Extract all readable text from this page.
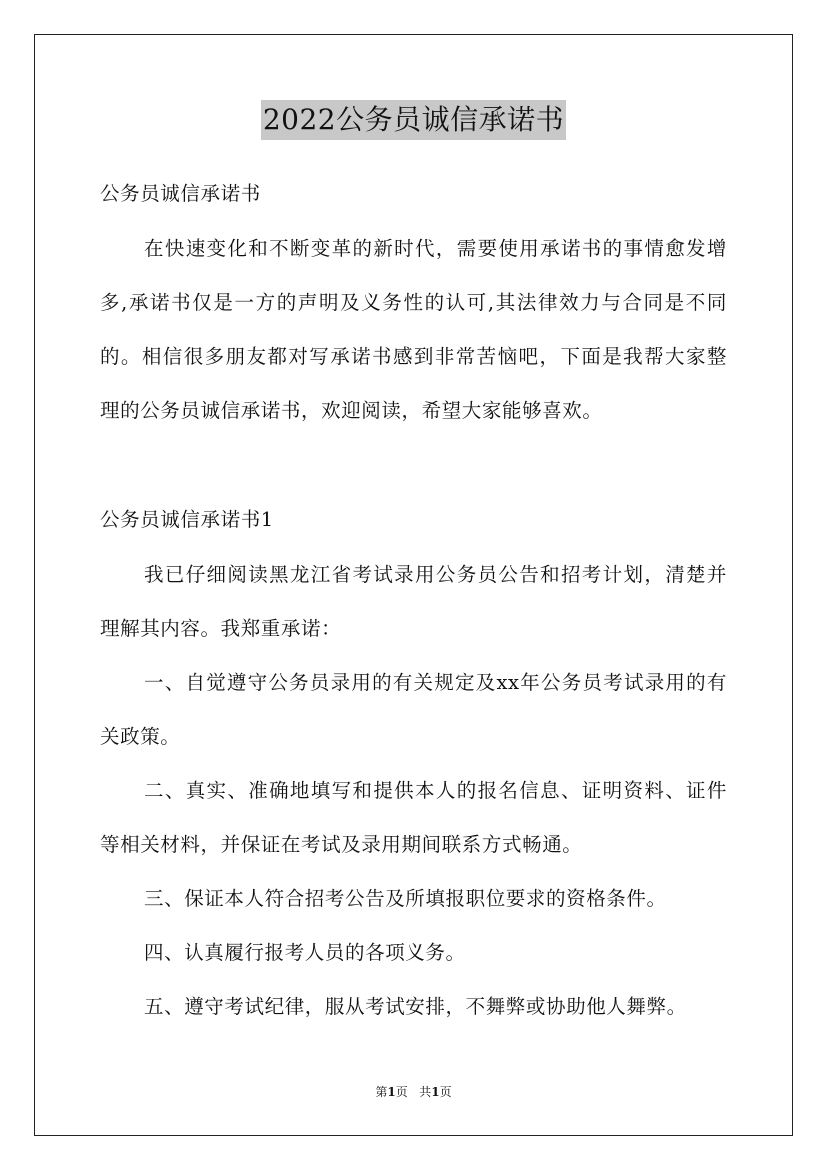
2022公务员诚信承诺书
公务员诚信承诺书
在快速变化和不断变革的新时代，需要使用承诺书的事情愈发增
多,承诺书仅是一方的声明及义务性的认可,其法律效力与合同是不同
的。相信很多朋友都对写承诺书感到非常苦恼吧，下面是我帮大家整
理的公务员诚信承诺书，欢迎阅读，希望大家能够喜欢。
公务员诚信承诺书1
我已仔细阅读黑龙江省考试录用公务员公告和招考计划，清楚并
理解其内容。我郑重承诺：
一、自觉遵守公务员录用的有关规定及xx年公务员考试录用的有
关政策。
二、真实、准确地填写和提供本人的报名信息、证明资料、证件
等相关材料，并保证在考试及录用期间联系方式畅通。
三、保证本人符合招考公告及所填报职位要求的资格条件。
四、认真履行报考人员的各项义务。
五、遵守考试纪律，服从考试安排，不舞弊或协助他人舞弊。
第1页   共1页
